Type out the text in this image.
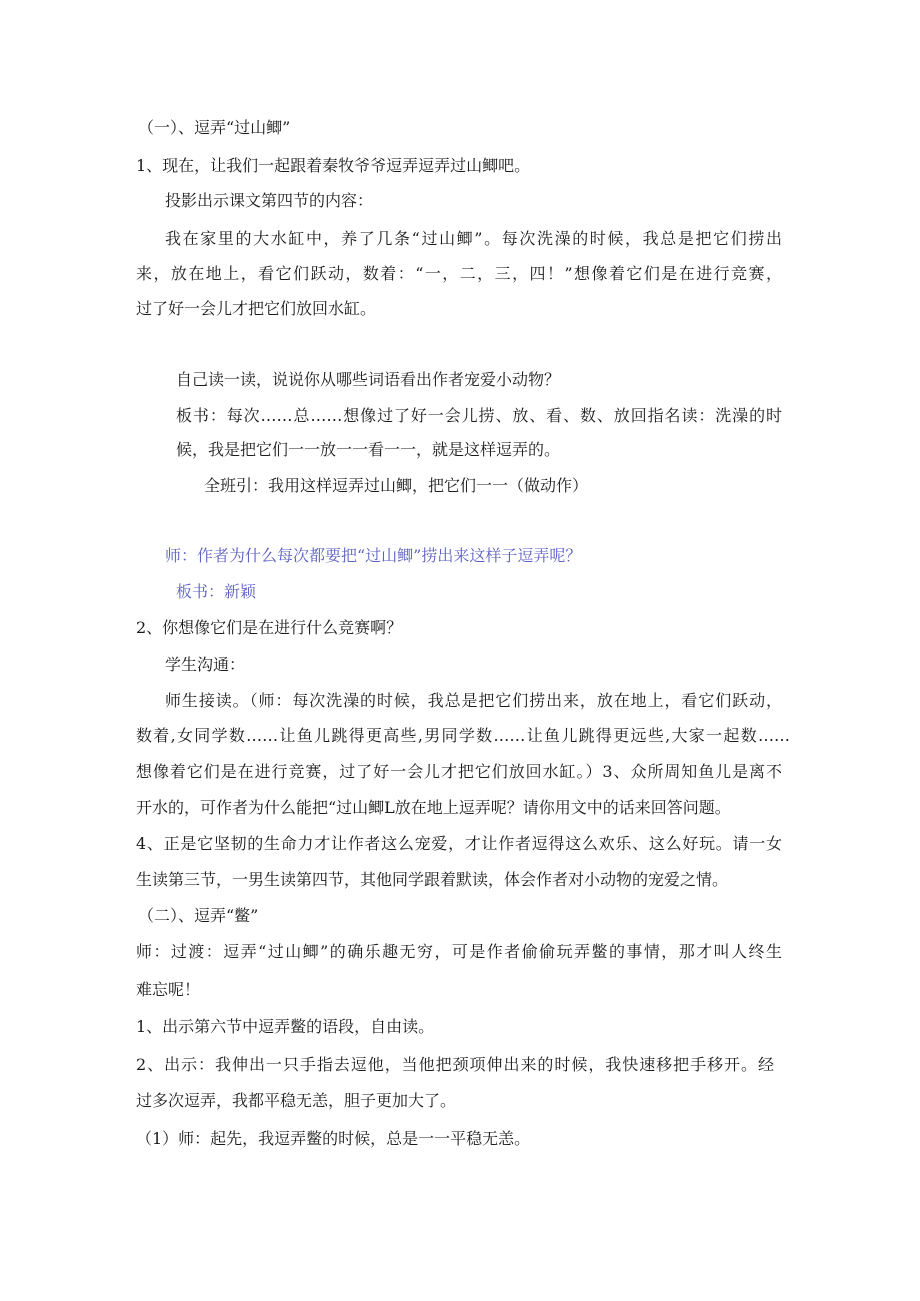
（一）、逗弄“过山鲫”
1、现在，让我们一起跟着秦牧爷爷逗弄逗弄过山鲫吧。
投影出示课文第四节的内容：
我在家里的大水缸中，养了几条“过山鲫”。每次洗澡的时候，我总是把它们捞出
来，放在地上，看它们跃动，数着：“一，二，三，四！”想像着它们是在进行竞赛，
过了好一会儿才把它们放回水缸。
自己读一读，说说你从哪些词语看出作者宠爱小动物？
板书：每次……总……想像过了好一会儿捞、放、看、数、放回指名读：洗澡的时
候，我是把它们一一放一一看一一，就是这样逗弄的。
全班引：我用这样逗弄过山鲫，把它们一一（做动作）
师：作者为什么每次都要把“过山鲫”捞出来这样子逗弄呢？
板书：新颖
2、你想像它们是在进行什么竞赛啊？
学生沟通：
师生接读。（师：每次洗澡的时候，我总是把它们捞出来，放在地上，看它们跃动，
数着,女同学数……让鱼儿跳得更高些,男同学数……让鱼儿跳得更远些,大家一起数……
想像着它们是在进行竞赛，过了好一会儿才把它们放回水缸。）3、众所周知鱼儿是离不
开水的，可作者为什么能把“过山鲫L放在地上逗弄呢？请你用文中的话来回答问题。
4、正是它坚韧的生命力才让作者这么宠爱，才让作者逗得这么欢乐、这么好玩。请一女
生读第三节，一男生读第四节，其他同学跟着默读，体会作者对小动物的宠爱之情。
（二）、逗弄“鳖”
师：过渡：逗弄“过山鲫”的确乐趣无穷，可是作者偷偷玩弄鳖的事情，那才叫人终生
难忘呢！
1、出示第六节中逗弄鳖的语段，自由读。
2、出示：我伸出一只手指去逗他，当他把颈项伸出来的时候，我快速移把手移开。经
过多次逗弄，我都平稳无恙，胆子更加大了。
（1）师：起先，我逗弄鳖的时候，总是一一平稳无恙。
